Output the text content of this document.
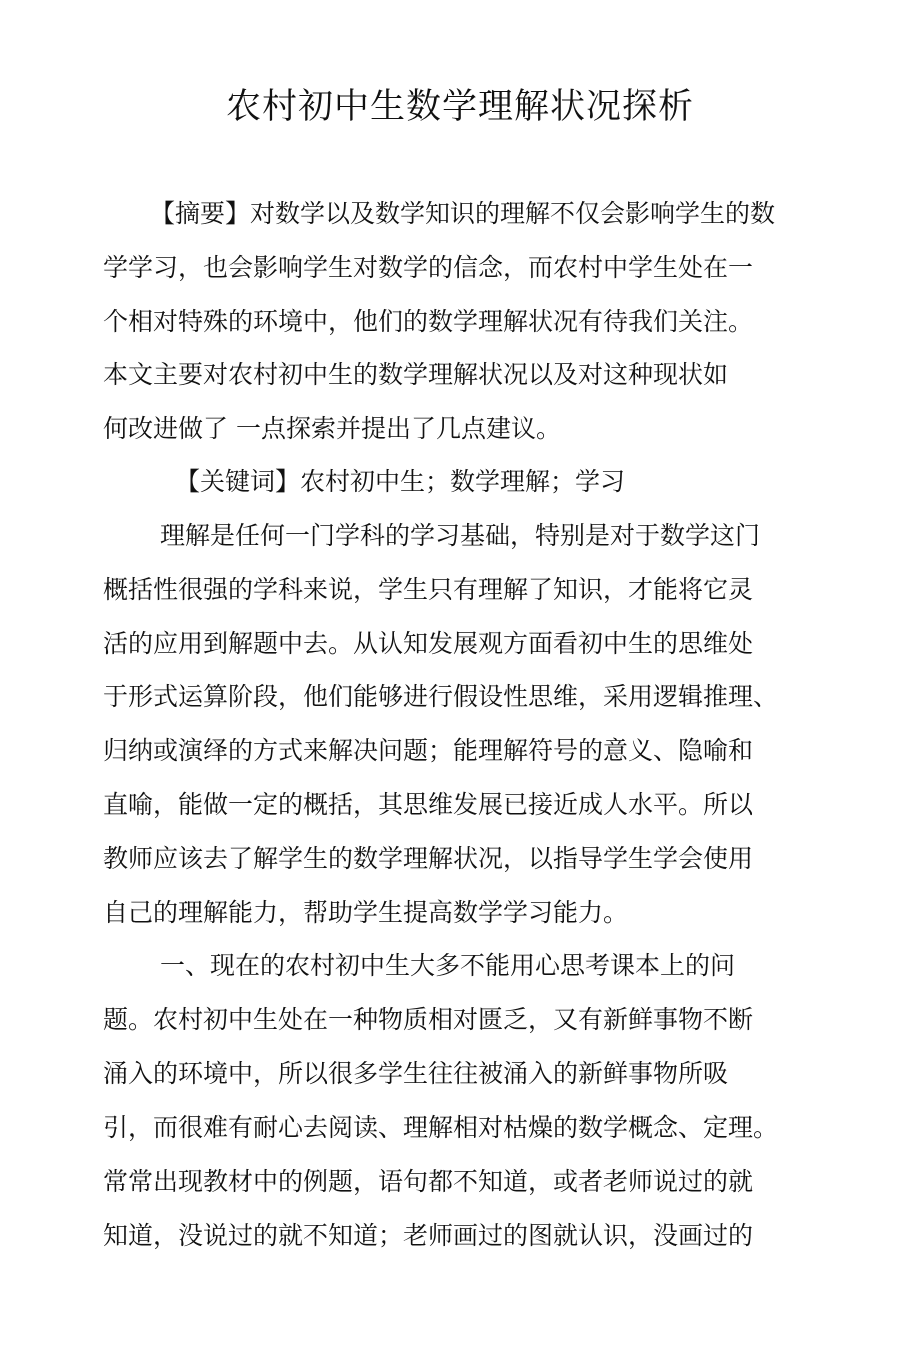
农村初中生数学理解状况探析
【摘要】对数学以及数学知识的理解不仅会影响学生的数
学学习，也会影响学生对数学的信念，而农村中学生处在一
个相对特殊的环境中，他们的数学理解状况有待我们关注。
本文主要对农村初中生的数学理解状况以及对这种现状如
何改进做了 一点探索并提出了几点建议。
【关键词】农村初中生；数学理解；学习
理解是任何一门学科的学习基础，特别是对于数学这门
概括性很强的学科来说，学生只有理解了知识，才能将它灵
活的应用到解题中去。从认知发展观方面看初中生的思维处
于形式运算阶段，他们能够进行假设性思维，采用逻辑推理、
归纳或演绎的方式来解决问题；能理解符号的意义、隐喻和
直喻，能做一定的概括，其思维发展已接近成人水平。所以
教师应该去了解学生的数学理解状况，以指导学生学会使用
自己的理解能力，帮助学生提高数学学习能力。
一、现在的农村初中生大多不能用心思考课本上的问
题。农村初中生处在一种物质相对匮乏，又有新鲜事物不断
涌入的环境中，所以很多学生往往被涌入的新鲜事物所吸
引，而很难有耐心去阅读、理解相对枯燥的数学概念、定理。
常常出现教材中的例题，语句都不知道，或者老师说过的就
知道，没说过的就不知道；老师画过的图就认识，没画过的
